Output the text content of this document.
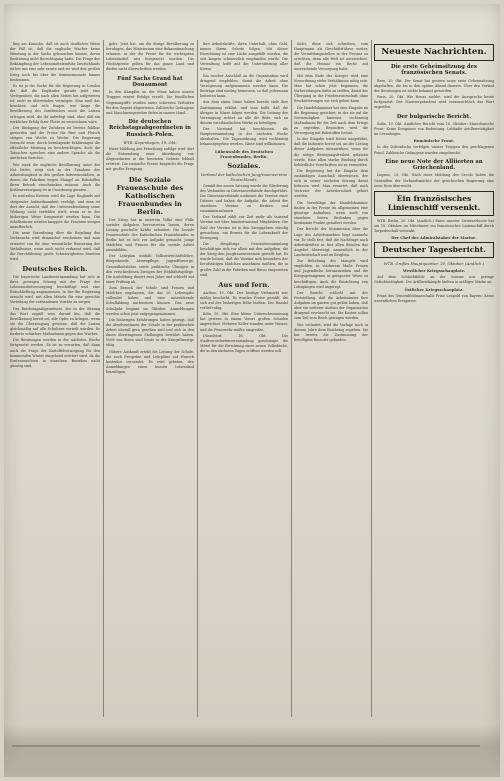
ling am Kanoshe, daß ist auch deutlicher Weise der Fall ist, daß die englische Macher keine Wendung in der Sache gebrauchen könnte, deren Bedeutung nicht Berechtigung hätte. Die Frage der Bekämpfung der Lebensmitteleinfuhr Deutschlands ist bei uns eine sehr ernste und sie wird den großen Krieg noch bis über die Sommermonate hinaus bestimmen.

Es ist ja die Sache für die Regierung in London die, daß die Engländer gerade jetzt eine Verlegenheit, die nach allen Seiten hin aufgetreten ist, nicht zu überwinden vermögen. Man muß das beachten und sich fragen, wie lange die Bevölkerung des Inselreiches noch die Lasten ertragen wird, die ihr auferlegt sind, ohne daß ein wirklicher Erfolg ihrer Flotte zu verzeichnen wäre.

Der Rückgang der Zufuhren ist bereits fühlbar geworden und die Preise für Brot und Fleisch steigen von Woche zu Woche. Die Regierung versucht zwar, durch beruhigende Erklärungen die öffentliche Meinung zu beschwichtigen, doch die Tatsachen sprechen eine andere Sprache als die amtlichen Berichte.

Wie stark die englische Bevölkerung unter der Not leidet, zeigt sich in der Zunahme der Arbeitslosigkeit in den großen Industriestädten, in denen die Fabriken wegen Mangel an Rohstoffen ihren Betrieb einschränken müssen. Auch die Kohlenversorgung ist in Unordnung geraten.

In neutralen Kreisen wird die Lage Englands mit steigender Aufmerksamkeit verfolgt, und man ist dort der Ansicht, daß der Unterseebootkrieg seine Wirkung nicht verfehlen wird, wenn er in der bisherigen Weise fortgesetzt werden kann. Die Schiffsräume werden knapper, die Frachten steigen unaufhörlich.

Die neue Verordnung über die Regelung des Verbrauchs wird demnächst erscheinen und man erwartet von ihr eine wesentliche Besserung der Verhältnisse, wenn auch nicht verkannt wird, daß die Durchführung große Schwierigkeiten bereiten wird.

Deutsches Reich.

Die bayerische Landesversammlung hat sich in ihrer gestrigen Sitzung mit der Frage der Lebensmittelversorgung beschäftigt und eine Entschließung angenommen, in der die Regierung ersucht wird, mit allen Mitteln für eine gerechte Verteilung der vorhandenen Vorräte zu sorgen.

Der Reichstagsabgeordnete, der in der Sitzung das Wort ergriff, wies darauf hin, daß die Bevölkerung bereit sei, alle Opfer zu bringen, wenn sie die Überzeugung gewinne, daß die Lasten gleichmäßig auf alle Schultern verteilt würden. Er forderte schärfere Maßnahmen gegen den Wucher.

Die Beratungen werden in der nächsten Woche fortgesetzt werden. Es ist zu erwarten, daß dann auch die Frage der Kartoffelversorgung für den kommenden Winter eingehend erörtert wird, da die Ernteaussichten in einzelnen Bezirken nicht günstig sind.

gehe. Jetzt hat, um die übrige Bevölkerung zu beruhigen, das Ministerium eine Bekanntmachung erlassen, in der die Preise für die wichtigsten Lebensmittel neu festgesetzt werden. Die Höchstpreise gelten für das ganze Land und dürfen nicht überschritten werden.

Fünf Sachs Grand hat Douaumont

In den Kämpfen an der Maas haben unsere Truppen erneut Erfolge erzielt. Die feindlichen Gegenangriffe wurden unter schweren Verlusten für den Gegner abgewiesen. Zahlreiche Gefangene und Maschinengewehre fielen in unsere Hand.

Die deutschen Reichstagsabgeordneten in Russisch-Polen.
WTB. Kopenhagen, 19. Okt.

Einer Meldung aus Petersburg zufolge wird dort die Entsendung einer Abordnung von Abgeordneten in die besetzten Gebiete lebhaft erörtert. Die russische Presse bespricht die Frage mit großer Erregung.

Die Soziale Frauenschule des Katholischen Frauenbundes in Berlin.

Der Krieg hat in unserem Volke eine Fülle sozialer Aufgaben hervortreten lassen, deren Lösung geschulte Kräfte erfordert. Die Soziale Frauenschule des Katholischen Frauenbundes in Berlin hat es sich zur Aufgabe gemacht, junge Mädchen und Frauen für die soziale Arbeit auszubilden.

Der Lehrplan umfaßt Volkswirtschaftslehre, Bürgerkunde, Armenpflege, Jugendfürsorge, Gesundheitslehre sowie praktische Übungen in den verschiedenen Zweigen der Wohlfahrtspflege. Die Ausbildung dauert zwei Jahre und schließt mit einer Prüfung ab.

Zum Besuch der Schule sind Frauen und Mädchen zugelassen, die das 20. Lebensjahr vollendet haben und eine ausreichende Schulbildung nachweisen können. Das neue Schuljahr beginnt im Oktober. Anmeldungen werden schon jetzt entgegengenommen.

Die bisherigen Erfahrungen haben gezeigt, daß die Absolventinnen der Schule in der praktischen Arbeit überall gern gesehen sind und sich in den ihnen übertragenen Stellungen bewährt haben. Viele von ihnen sind heute in der Kriegsfürsorge tätig.

Nähere Auskunft erteilt die Leitung der Schule, die auch Prospekte und Lehrpläne auf Wunsch kostenlos versendet. Es wird gebeten, den Anmeldungen einen kurzen Lebenslauf beizufügen.

ihre Arbeitskräfte, ihren Unterhalt, ohne Geld, immer ihrem Gebote folgen. Mit dieser Einrichtung ist eine Lücke ausgefüllt worden, die seit langem schmerzlich empfunden wurde. Die Verwaltung hofft auf die Unterstützung aller Kreise.

Ein rascher Anschluß an die Organisation wird dringend empfohlen, damit die Arbeit ohne Verzögerung aufgenommen werden kann. Die Beiträge sind niedrig bemessen, so daß jedermann beitreten kann.

Aus dem einen Sinne haben bereits viele ihre Zustimmung erklärt, und man hofft, daß die übrigen in Kürze folgen werden. Die Leitung der Vereinigung richtet an alle die Bitte, sich an diesem vaterländischen Werke zu beteiligen.

Der Vorstand hat beschlossen, die Hauptversammlung in der nächsten Woche abzuhalten. Die Tagesordnung wird rechtzeitig bekanntgegeben werden. Gäste sind willkommen.

Lübenwalde des Deutschen Frauenbundes, Berlin.
Soziales.
Verband der katholischen Jungfrauenvereine Deutschlands.

Gemäß der neuen Satzung wurde die Gliederung des Verbandes in Diözesanverbände durchgeführt. Die Diözesanverbände umfassen die Vereine einer Diözese und haben die Aufgabe, die Arbeit der einzelnen Vereine zu fördern und zusammenzufassen.

Der Verband zählt zur Zeit mehr als tausend Vereine mit über hunderttausend Mitgliedern. Die Zahl der Vereine ist in den Kriegsjahren ständig gewachsen, ein Beweis für die Lebenskraft der Bewegung.

Die diesjährige Generalversammlung beschäftigte sich vor allem mit den Aufgaben, die der Krieg den Jungfrauenvereinen gestellt hat. Es wurde betont, daß die Vereine sich besonders der berufstätigen Mädchen annehmen müßten, die in großer Zahl in die Fabriken und Büros eingetreten sind.

Aus und fern.

Aachen, 19. Okt. Der heutige Viehmarkt war mäßig beschickt. Es wurden Preise gezahlt, die sich auf der bisherigen Höhe hielten. Der Handel verlief ruhig.

Köln, 19. Okt. Eine kleine Ueberschwemmung hat gestern in einem Vorort großen Schaden angerichtet. Mehrere Keller standen unter Wasser, und die Feuerwehr mußte eingreifen.

Düsseldorf, 18. Okt. Die Stadtverordnetenversammlung genehmigte die Mittel für die Errichtung einer neuen Volksküche, die in den nächsten Tagen eröffnet werden soll.

Sicht, diese sich schreiben, vom Hauptmann als Geschäftsführer weiter, die Vermittlungsstellen in der Provinz zu errichten, denn alle Welt sei unterrichtet, daß die Heimat ein Recht auf ausreichende Versorgung habe.

Mit dem Ende des Krieges wird eine Neuordnung vieler Verhältnisse nötig sein. Man hat schon jetzt begonnen, die Vorbereitungen dafür zu treffen, damit der Übergang in die Friedenswirtschaft ohne Erschütterungen vor sich gehen kann.

Die Handelskammer hat eine Eingabe an die Regierung gerichtet, in der sie auf die Notwendigkeit hinweist, rechtzeitig Maßnahmen für die Zeit nach dem Kriege zu ergreifen. Besonders wird die Versorgung mit Rohstoffen betont.

In der Eingabe wird ferner ausgeführt, daß die Industrie bereit sei, an der Lösung dieser Aufgaben mitzuwirken, wenn ihr die nötige Bewegungsfreiheit gelassen werde. Eine allzu starke Bindung durch behördliche Vorschriften sei zu vermeiden.

Die Regierung hat die Eingabe dem zuständigen Ausschuß überwiesen, der sich in seiner nächsten Sitzung damit befassen wird. Man erwartet, daß auch Vertreter der Arbeiterschaft gehört werden.

Die Vorschläge der Handelskammer finden in der Presse im allgemeinen eine günstige Aufnahme, wenn auch von einzelnen Seiten Bedenken gegen bestimmte Punkte geäußert werden.

Der Bericht der Kommission über die Lage des Arbeitsmarktes liegt nunmehr vor. Er stellt fest, daß die Nachfrage nach Arbeitskräften in fast allen Berufen das Angebot übersteigt, namentlich in der Landwirtschaft und im Bergbau.

Zur Behebung des Mangels wird empfohlen, in stärkerem Maße Frauen und Jugendliche heranzuziehen und die Kriegsgefangenen in geeigneter Weise zu beschäftigen. Auch die Einrichtung von Lehrgängen wird angeregt.

Der Bericht schließt mit der Feststellung, daß die Arbeitsämter ihre Aufgaben im ganzen gut gelöst haben, daß aber ein weiterer Ausbau der Organisation dringend erwünscht sei. Die Kosten sollen zum Teil vom Reich getragen werden.

Wie verlautet, wird die Vorlage noch in diesem Jahre dem Reichstag zugehen. Sie hat bereits die Zustimmung der beteiligten Ressorts gefunden.

Neueste Nachrichten.
Die erste Geheimsitzung des französischen Senats.

Bern, 20. Okt. Der Senat hat gestern seine erste Geheimsitzung abgehalten, die bis in den späten Abend dauerte. Über den Verlauf der Beratungen ist nichts bekannt geworden.

Paris, 20. Okt. Wie Havas meldet, wird die Aussprache heute fortgesetzt. Der Ministerpräsident wird voraussichtlich das Wort ergreifen.

Der bulgarische Bericht.

Sofia, 19. Okt. Amtlicher Bericht vom 18. Oktober: Mazedonische Front: Keine Ereignisse von Bedeutung. Lebhafte Artillerietätigkeit im Cernabogen.

Rumänische Front.

In der Dobrudscha verfolgen unsere Truppen den geschlagenen Feind. Zahlreiche Gefangene wurden eingebracht.

Eine neue Note der Alliierten an Griechenland.

Lugano, 20. Okt. Nach einer Meldung des Secolo haben die Gesandten der Verbandsmächte der griechischen Regierung eine neue Note überreicht.

Ein französisches Linienschiff versenkt.

WTB. Berlin, 20. Okt. (Amtlich.) Eines unserer Unterseeboote hat am 18. Oktober im Mittelmeer ein französisches Linienschiff durch Torpedoschuß versenkt.

Der Chef des Admiralstabes der Marine.
Deutscher Tagesbericht.
WTB. Großes Hauptquartier, 20. Oktober. (Amtlich.)
Westlicher Kriegsschauplatz.

Auf dem Schlachtfelde an der Somme nur geringe Gefechtstätigkeit. Die Artilleriekämpfe hielten in mäßiger Stärke an.

Östlicher Kriegsschauplatz.

Front des Generalfeldmarschalls Prinz Leopold von Bayern: Keine wesentlichen Ereignisse.
